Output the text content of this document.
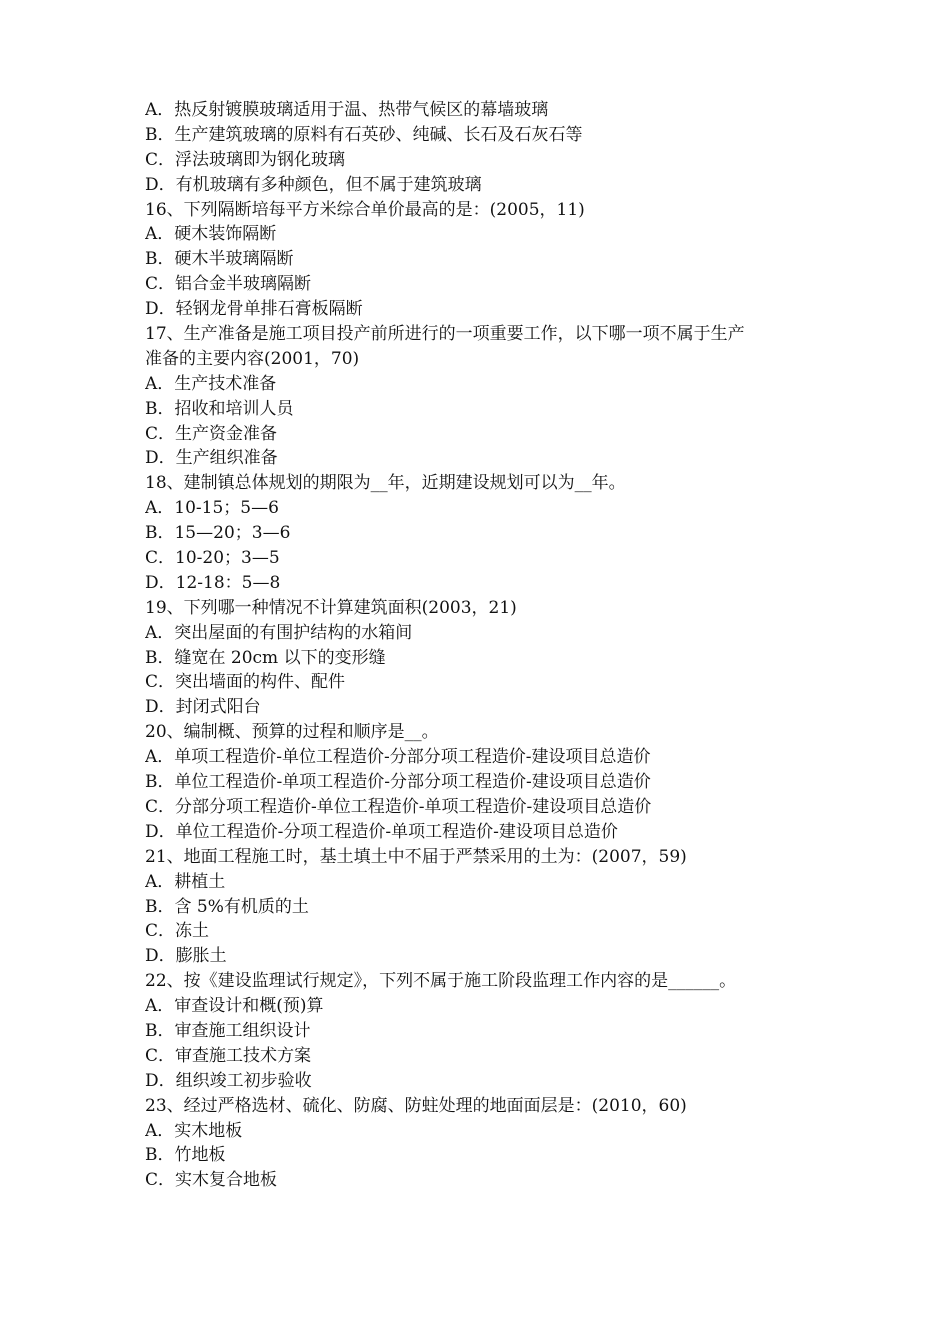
A．热反射镀膜玻璃适用于温、热带气候区的幕墙玻璃
B．生产建筑玻璃的原料有石英砂、纯碱、长石及石灰石等
C．浮法玻璃即为钢化玻璃
D．有机玻璃有多种颜色，但不属于建筑玻璃
16、下列隔断培每平方米综合单价最高的是：(2005，11)
A．硬木装饰隔断
B．硬木半玻璃隔断
C．铝合金半玻璃隔断
D．轻钢龙骨单排石膏板隔断
17、生产准备是施工项目投产前所进行的一项重要工作，以下哪一项不属于生产
准备的主要内容(2001，70)
A．生产技术准备
B．招收和培训人员
C．生产资金准备
D．生产组织准备
18、建制镇总体规划的期限为__年，近期建设规划可以为__年。
A．10-15；5—6
B．15—20；3—6
C．10-20；3—5
D．12-18：5—8
19、下列哪一种情况不计算建筑面积(2003，21)
A．突出屋面的有围护结构的水箱间
B．缝宽在 20cm 以下的变形缝
C．突出墙面的构件、配件
D．封闭式阳台
20、编制概、预算的过程和顺序是__。
A．单项工程造价-单位工程造价-分部分项工程造价-建设项目总造价
B．单位工程造价-单项工程造价-分部分项工程造价-建设项目总造价
C．分部分项工程造价-单位工程造价-单项工程造价-建设项目总造价
D．单位工程造价-分项工程造价-单项工程造价-建设项目总造价
21、地面工程施工时，基土填土中不届于严禁采用的土为：(2007，59)
A．耕植土
B．含 5%有机质的土
C．冻土
D．膨胀土
22、按《建设监理试行规定》，下列不属于施工阶段监理工作内容的是______。
A．审查设计和概(预)算
B．审查施工组织设计
C．审查施工技术方案
D．组织竣工初步验收
23、经过严格选材、硫化、防腐、防蛀处理的地面面层是：(2010，60)
A．实木地板
B．竹地板
C．实木复合地板
